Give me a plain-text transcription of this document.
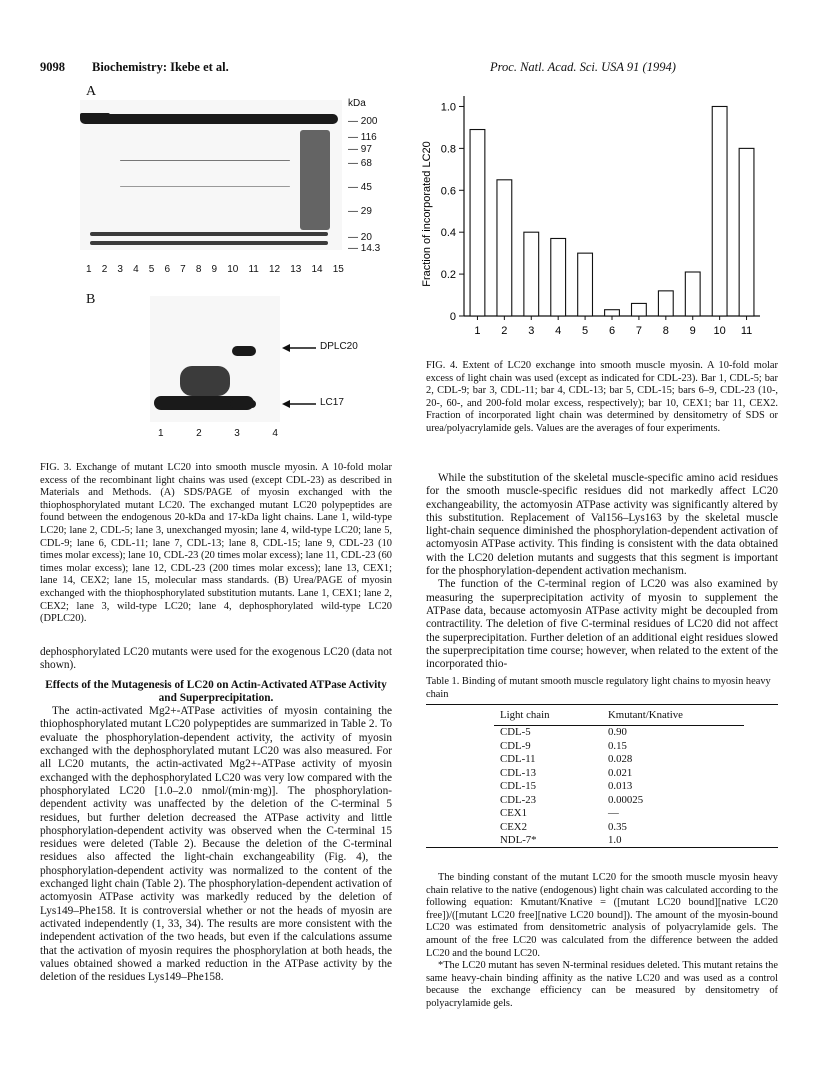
9098 Biochemistry: Ikebe et al.	Proc. Natl. Acad. Sci. USA 91 (1994)
A
kDa
— 200
— 116
— 97
— 68
— 45
— 29
— 20
— 14.3
1 2 3 4 5 6 7 8 9 10 11 12 13 14 15
B
DPLC20
LC17
1	2	3	4
FIG. 3. Exchange of mutant LC20 into smooth muscle myosin. A 10-fold molar excess of the recombinant light chains was used (except CDL-23) as described in Materials and Methods. (A) SDS/PAGE of myosin exchanged with the thiophosphorylated mutant LC20. The exchanged mutant LC20 polypeptides are found between the endogenous 20-kDa and 17-kDa light chains. Lane 1, wild-type LC20; lane 2, CDL-5; lane 3, unexchanged myosin; lane 4, wild-type LC20; lane 5, CDL-9; lane 6, CDL-11; lane 7, CDL-13; lane 8, CDL-15; lane 9, CDL-23 (10 times molar excess); lane 10, CDL-23 (20 times molar excess); lane 11, CDL-23 (60 times molar excess); lane 12, CDL-23 (200 times molar excess); lane 13, CEX1; lane 14, CEX2; lane 15, molecular mass standards. (B) Urea/PAGE of myosin exchanged with the thiophosphorylated substitution mutants. Lane 1, CEX1; lane 2, CEX2; lane 3, wild-type LC20; lane 4, dephosphorylated wild-type LC20 (DPLC20).

dephosphorylated LC20 mutants were used for the exogenous LC20 (data not shown).

Effects of the Mutagenesis of LC20 on Actin-Activated ATPase Activity and Superprecipitation.

The actin-activated Mg2+-ATPase activities of myosin containing the thiophosphorylated mutant LC20 polypeptides are summarized in Table 2. To evaluate the phosphorylation-dependent activity, the activity of myosin exchanged with the dephosphorylated mutant LC20 was also measured. For all LC20 mutants, the actin-activated Mg2+-ATPase activity of myosin exchanged with the dephosphorylated LC20 was very low compared with the phosphorylated LC20 [1.0–2.0 nmol/(min·mg)]. The phosphorylation-dependent activity was unaffected by the deletion of the C-terminal 5 residues, but further deletion decreased the ATPase activity and little phosphorylation-dependent activity was observed when the C-terminal 15 residues were deleted (Table 2). Because the deletion of the C-terminal residues also affected the light-chain exchangeability (Fig. 4), the phosphorylation-dependent activity was normalized to the content of the exchanged light chain (Table 2). The phosphorylation-dependent activation of actomyosin ATPase activity was markedly reduced by the deletion of Lys149–Phe158. It is controversial whether or not the heads of myosin are activated independently (1, 33, 34). The results are more consistent with the independent activation of the two heads, but even if the calculations assume that the activation of myosin requires the phosphorylation at both heads, the values obtained showed a marked reduction in the ATPase activity by the deletion of the residues Lys149–Phe158.

0
0.2
0.4
0.6
0.8
1.0
1 2 3 4 5 6 7 8 9 10 11
Fraction of incorporated LC20
FIG. 4. Extent of LC20 exchange into smooth muscle myosin. A 10-fold molar excess of light chain was used (except as indicated for CDL-23). Bar 1, CDL-5; bar 2, CDL-9; bar 3, CDL-11; bar 4, CDL-13; bar 5, CDL-15; bars 6–9, CDL-23 (10-, 20-, 60-, and 200-fold molar excess, respectively); bar 10, CEX1; bar 11, CEX2. Fraction of incorporated light chain was determined by densitometry of SDS or urea/polyacrylamide gels. Values are the averages of four experiments.

While the substitution of the skeletal muscle-specific amino acid residues for the smooth muscle-specific residues did not markedly affect LC20 exchangeability, the actomyosin ATPase activity was significantly altered by this substitution. Replacement of Val156–Lys163 by the skeletal muscle light-chain sequence diminished the phosphorylation-dependent activation of actomyosin ATPase activity. This finding is consistent with the data obtained with the LC20 deletion mutants and suggests that this segment is important for the phosphorylation-dependent activation mechanism.

The function of the C-terminal region of LC20 was also examined by measuring the superprecipitation activity of myosin to supplement the ATPase data, because actomyosin ATPase activity might be decoupled from contractility. The deletion of five C-terminal residues of LC20 did not affect the superprecipitation. Further deletion of an additional eight residues slowed the superprecipitation time course; however, when related to the extent of the incorporated thio-

Table 1. Binding of mutant smooth muscle regulatory light chains to myosin heavy chain
Light chain	Kmutant/Knative
CDL-5	0.90
CDL-9	0.15
CDL-11	0.028
CDL-13	0.021
CDL-15	0.013
CDL-23	0.00025
CEX1	—
CEX2	0.35
NDL-7*	1.0
The binding constant of the mutant LC20 for the smooth muscle myosin heavy chain relative to the native (endogenous) light chain was calculated according to the following equation: Kmutant/Knative = ([mutant LC20 bound][native LC20 free])/([mutant LC20 free][native LC20 bound]). The amount of the myosin-bound LC20 was estimated from densitometric analysis of polyacrylamide gels. The amount of the free LC20 was calculated from the difference between the added LC20 and the bound LC20.
*The LC20 mutant has seven N-terminal residues deleted. This mutant retains the same heavy-chain binding affinity as the native LC20 and was used as a control because the exchange efficiency can be measured by densitometry of polyacrylamide gels.
